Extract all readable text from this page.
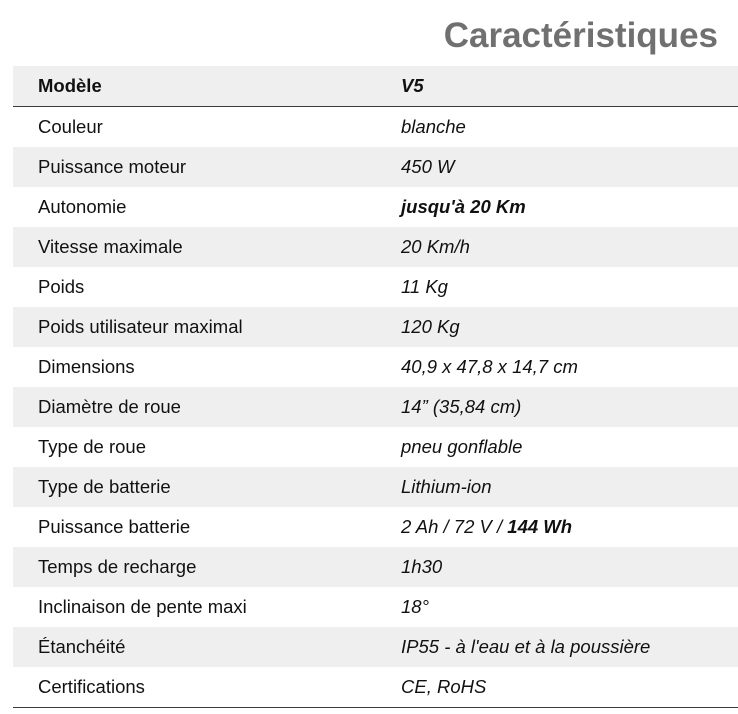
Caractéristiques
Modèle	V5
Couleur	blanche
Puissance moteur	450 W
Autonomie	jusqu'à 20 Km
Vitesse maximale	20 Km/h
Poids	11 Kg
Poids utilisateur maximal	120 Kg
Dimensions	40,9 x 47,8 x 14,7 cm
Diamètre de roue	14” (35,84 cm)
Type de roue	pneu gonflable
Type de batterie	Lithium-ion
Puissance batterie	2 Ah / 72 V / 144 Wh
Temps de recharge	1h30
Inclinaison de pente maxi	18°
Étanchéité	IP55 - à l'eau et à la poussière
Certifications	CE, RoHS
